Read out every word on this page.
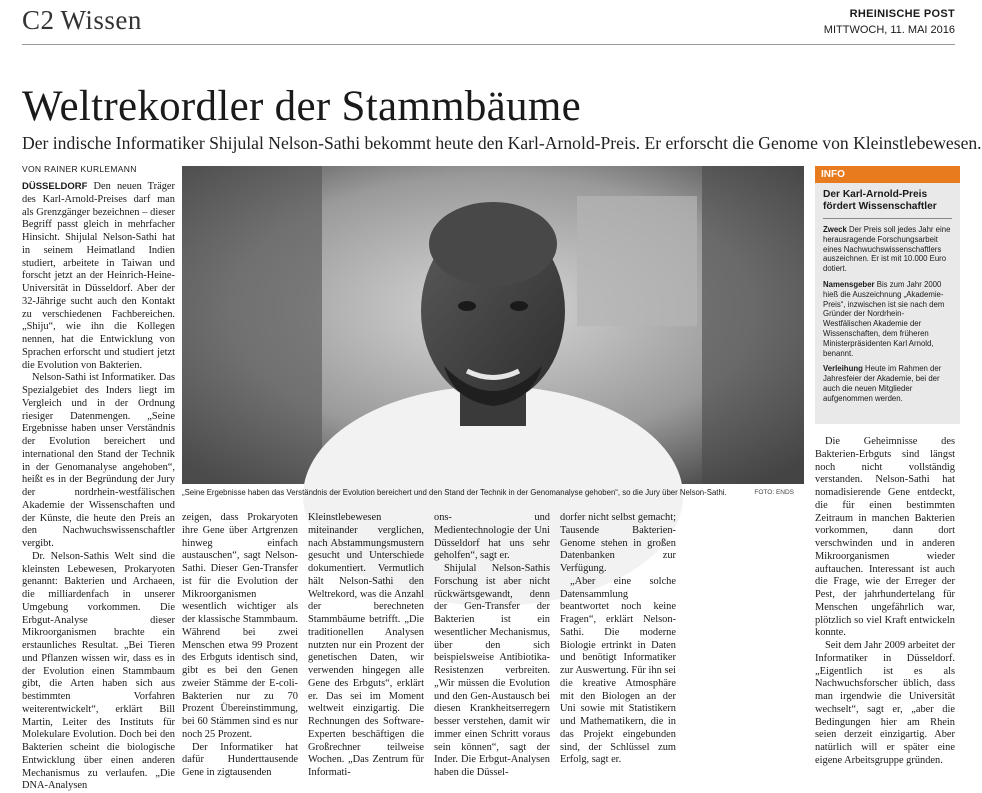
C2 Wissen	RHEINISCHE POST
MITTWOCH, 11. MAI 2016
Weltrekordler der Stammbäume
Der indische Informatiker Shijulal Nelson-Sathi bekommt heute den Karl-Arnold-Preis. Er erforscht die Genome von Kleinstlebewesen.
VON RAINER KURLEMANN

DÜSSELDORF Den neuen Träger des Karl-Arnold-Preises darf man als Grenzgänger bezeichnen – dieser Begriff passt gleich in mehrfacher Hinsicht. Shijulal Nelson-Sathi hat in seinem Heimatland Indien studiert, arbeitete in Taiwan und forscht jetzt an der Heinrich-Heine-Universität in Düsseldorf. Aber der 32-Jährige sucht auch den Kontakt zu verschiedenen Fachbereichen. „Shiju“, wie ihn die Kollegen nennen, hat die Entwicklung von Sprachen erforscht und studiert jetzt die Evolution von Bakterien.

Nelson-Sathi ist Informatiker. Das Spezialgebiet des Inders liegt im Vergleich und in der Ordnung riesiger Datenmengen. „Seine Ergebnisse haben unser Verständnis der Evolution bereichert und international den Stand der Technik in der Genomanalyse angehoben“, heißt es in der Begründung der Jury der nordrhein-westfälischen Akademie der Wissenschaften und der Künste, die heute den Preis an den Nachwuchswissenschaftler vergibt.

Dr. Nelson-Sathis Welt sind die kleinsten Lebewesen, Prokaryoten genannt: Bakterien und Archaeen, die milliardenfach in unserer Umgebung vorkommen. Die Erbgut-Analyse dieser Mikroorganismen brachte ein erstaunliches Resultat. „Bei Tieren und Pflanzen wissen wir, dass es in der Evolution einen Stammbaum gibt, die Arten haben sich aus bestimmten Vorfahren weiterentwickelt“, erklärt Bill Martin, Leiter des Instituts für Molekulare Evolution. Doch bei den Bakterien scheint die biologische Entwicklung über einen anderen Mechanismus zu verlaufen. „Die DNA-Analysen

„Seine Ergebnisse haben das Verständnis der Evolution bereichert und den Stand der Technik in der Genomanalyse gehoben“, so die Jury über Nelson-Sathi.	FOTO: ENDS

zeigen, dass Prokaryoten ihre Gene über Artgrenzen hinweg einfach austauschen“, sagt Nelson-Sathi. Dieser Gen-Transfer ist für die Evolution der Mikroorganismen wesentlich wichtiger als der klassische Stammbaum. Während bei zwei Menschen etwa 99 Prozent des Erbguts identisch sind, gibt es bei den Genen zweier Stämme der E-coli-Bakterien nur zu 70 Prozent Übereinstimmung, bei 60 Stämmen sind es nur noch 25 Prozent.

Der Informatiker hat dafür Hunderttausende Gene in zigtausenden

Kleinstlebewesen miteinander verglichen, nach Abstammungsmustern gesucht und Unterschiede dokumentiert. Vermutlich hält Nelson-Sathi den Weltrekord, was die Anzahl der berechneten Stammbäume betrifft. „Die traditionellen Analysen nutzten nur ein Prozent der genetischen Daten, wir verwenden hingegen alle Gene des Erbguts“, erklärt er. Das sei im Moment weltweit einzigartig. Die Rechnungen des Software-Experten beschäftigen die Großrechner teilweise Wochen. „Das Zentrum für Informati-

ons- und Medientechnologie der Uni Düsseldorf hat uns sehr geholfen“, sagt er.

Shijulal Nelson-Sathis Forschung ist aber nicht rückwärtsgewandt, denn der Gen-Transfer der Bakterien ist ein wesentlicher Mechanismus, über den sich beispielsweise Antibiotika-Resistenzen verbreiten. „Wir müssen die Evolution und den Gen-Austausch bei diesen Krankheitserregern besser verstehen, damit wir immer einen Schritt voraus sein können“, sagt der Inder. Die Erbgut-Analysen haben die Düssel-

dorfer nicht selbst gemacht; Tausende Bakterien-Genome stehen in großen Datenbanken zur Verfügung.

„Aber eine solche Datensammlung beantwortet noch keine Fragen“, erklärt Nelson-Sathi. Die moderne Biologie ertrinkt in Daten und benötigt Informatiker zur Auswertung. Für ihn sei die kreative Atmosphäre mit den Biologen an der Uni sowie mit Statistikern und Mathematikern, die in das Projekt eingebunden sind, der Schlüssel zum Erfolg, sagt er.

INFO
Der Karl-Arnold-Preis fördert Wissenschaftler
Zweck Der Preis soll jedes Jahr eine herausragende Forschungsarbeit eines Nachwuchswissenschaftlers auszeichnen. Er ist mit 10.000 Euro dotiert.
Namensgeber Bis zum Jahr 2000 hieß die Auszeichnung „Akademie-Preis“, inzwischen ist sie nach dem Gründer der Nordrhein-Westfälischen Akademie der Wissenschaften, dem früheren Ministerpräsidenten Karl Arnold, benannt.
Verleihung Heute im Rahmen der Jahresfeier der Akademie, bei der auch die neuen Mitglieder aufgenommen werden.

Die Geheimnisse des Bakterien-Erbguts sind längst noch nicht vollständig verstanden. Nelson-Sathi hat nomadisierende Gene entdeckt, die für einen bestimmten Zeitraum in manchen Bakterien vorkommen, dann dort verschwinden und in anderen Mikroorganismen wieder auftauchen. Interessant ist auch die Frage, wie der Erreger der Pest, der jahrhundertelang für Menschen ungefährlich war, plötzlich so viel Kraft entwickeln konnte.

Seit dem Jahr 2009 arbeitet der Informatiker in Düsseldorf. „Eigentlich ist es als Nachwuchsforscher üblich, dass man irgendwie die Universität wechselt“, sagt er, „aber die Bedingungen hier am Rhein seien derzeit einzigartig. Aber natürlich will er später eine eigene Arbeitsgruppe gründen.
